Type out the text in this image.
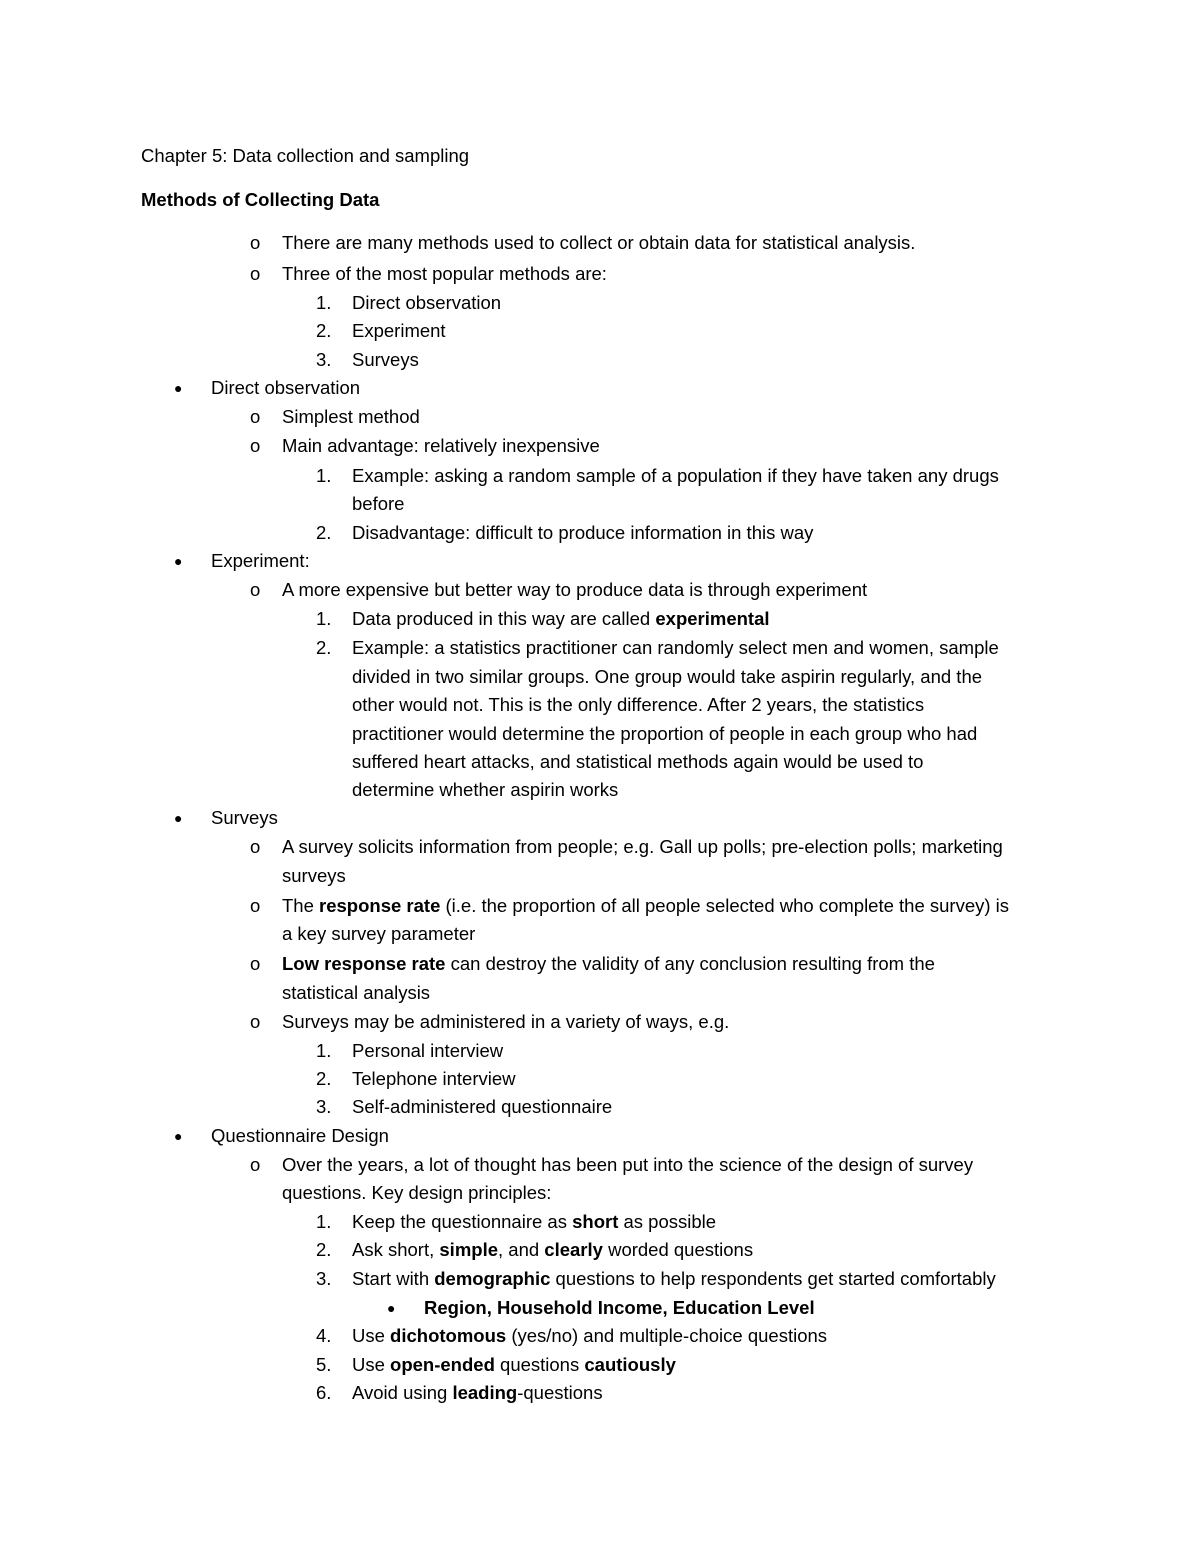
Chapter 5: Data collection and sampling
Methods of Collecting Data
o There are many methods used to collect or obtain data for statistical analysis.
o Three of the most popular methods are:
1. Direct observation
2. Experiment
3. Surveys
● Direct observation
o Simplest method
o Main advantage: relatively inexpensive
1. Example: asking a random sample of a population if they have taken any drugs
before
2. Disadvantage: difficult to produce information in this way
● Experiment:
o A more expensive but better way to produce data is through experiment
1. Data produced in this way are called experimental
2. Example: a statistics practitioner can randomly select men and women, sample
divided in two similar groups. One group would take aspirin regularly, and the
other would not. This is the only difference. After 2 years, the statistics
practitioner would determine the proportion of people in each group who had
suffered heart attacks, and statistical methods again would be used to
determine whether aspirin works
● Surveys
o A survey solicits information from people; e.g. Gall up polls; pre-election polls; marketing
surveys
o The response rate (i.e. the proportion of all people selected who complete the survey) is
a key survey parameter
o Low response rate can destroy the validity of any conclusion resulting from the
statistical analysis
o Surveys may be administered in a variety of ways, e.g.
1. Personal interview
2. Telephone interview
3. Self-administered questionnaire
● Questionnaire Design
o Over the years, a lot of thought has been put into the science of the design of survey
questions. Key design principles:
1. Keep the questionnaire as short as possible
2. Ask short, simple, and clearly worded questions
3. Start with demographic questions to help respondents get started comfortably
● Region, Household Income, Education Level
4. Use dichotomous (yes/no) and multiple-choice questions
5. Use open-ended questions cautiously
6. Avoid using leading-questions
